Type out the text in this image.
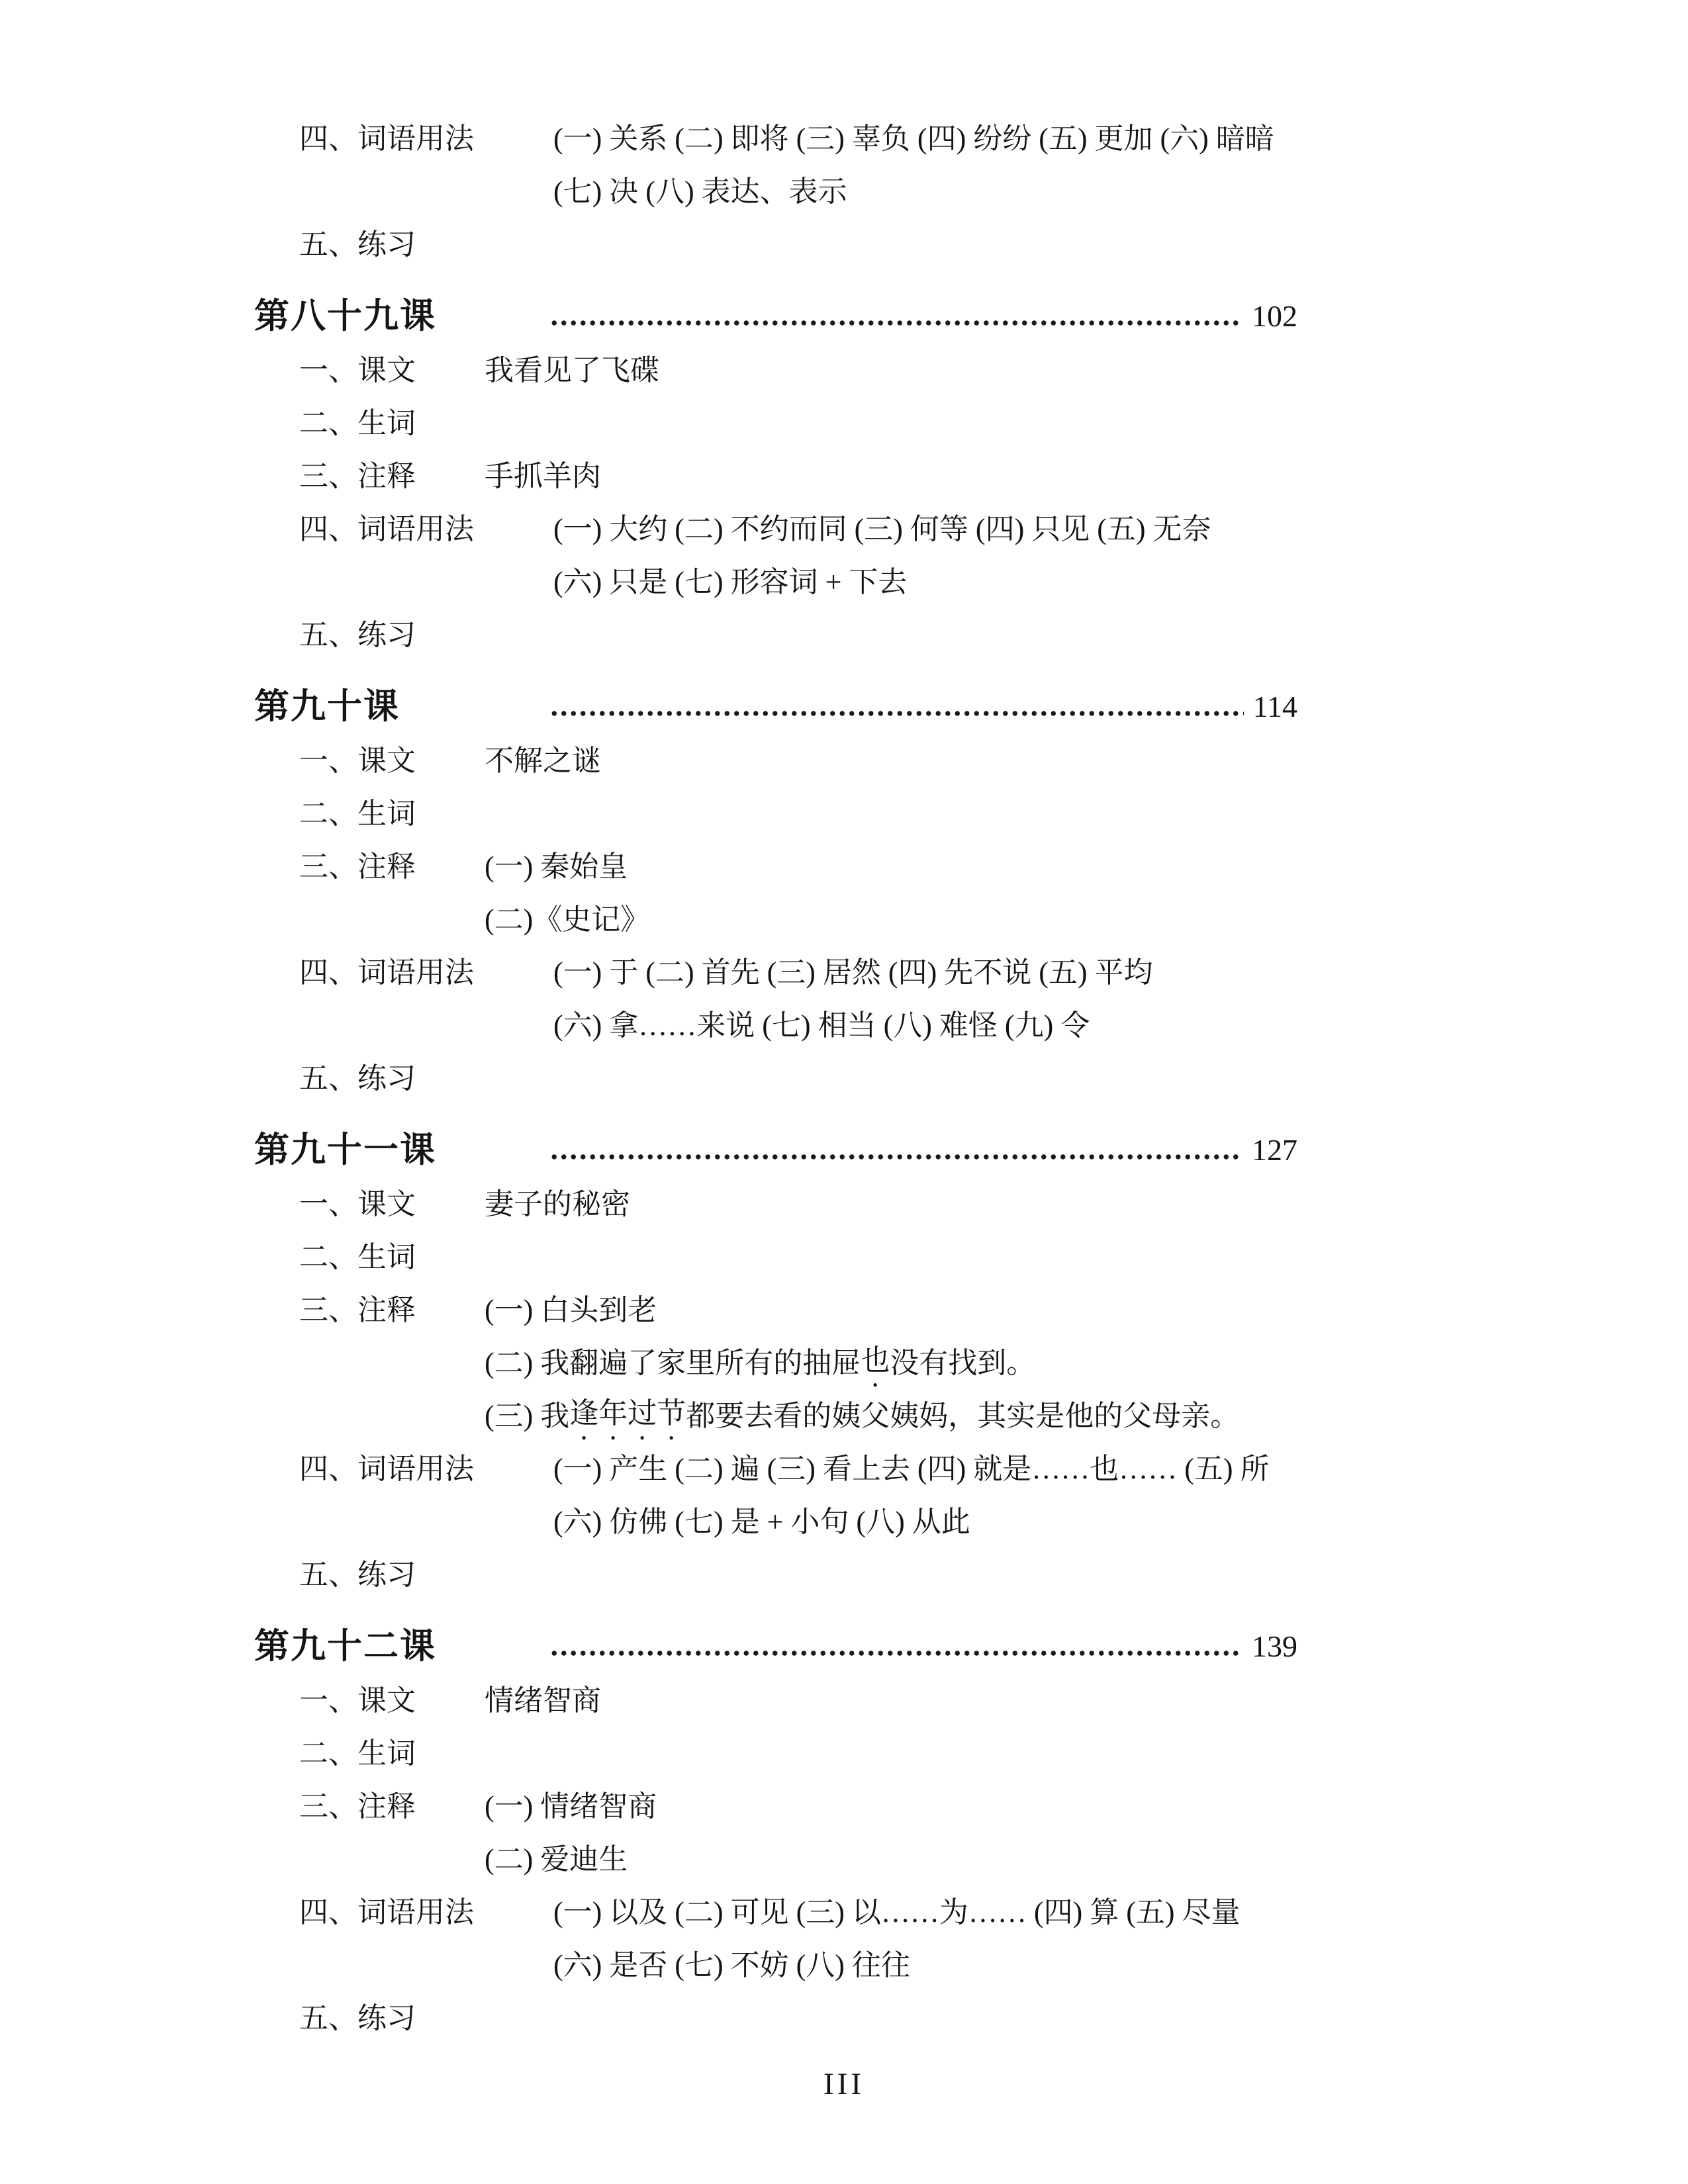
四、词语用法	(一) 关系 (二) 即将 (三) 辜负 (四) 纷纷 (五) 更加 (六) 暗暗
(七) 决 (八) 表达、表示
五、练习
第八十九课	102
一、课文	我看见了飞碟
二、生词
三、注释	手抓羊肉
四、词语用法	(一) 大约 (二) 不约而同 (三) 何等 (四) 只见 (五) 无奈
(六) 只是 (七) 形容词 + 下去
五、练习
第九十课	114
一、课文	不解之谜
二、生词
三、注释	(一) 秦始皇
(二)《史记》
四、词语用法	(一) 于 (二) 首先 (三) 居然 (四) 先不说 (五) 平均
(六) 拿……来说 (七) 相当 (八) 难怪 (九) 令
五、练习
第九十一课	127
一、课文	妻子的秘密
二、生词
三、注释	(一) 白头到老
(二) 我翻遍了家里所有的抽屉 也 没有找到。
(三) 我 逢年过节 都要去看的姨父姨妈，其实是他的父母亲。
四、词语用法	(一) 产生 (二) 遍 (三) 看上去 (四) 就是……也…… (五) 所
(六) 仿佛 (七) 是 + 小句 (八) 从此
五、练习
第九十二课	139
一、课文	情绪智商
二、生词
三、注释	(一) 情绪智商
(二) 爱迪生
四、词语用法	(一) 以及 (二) 可见 (三) 以……为…… (四) 算 (五) 尽量
(六) 是否 (七) 不妨 (八) 往往
五、练习
III
